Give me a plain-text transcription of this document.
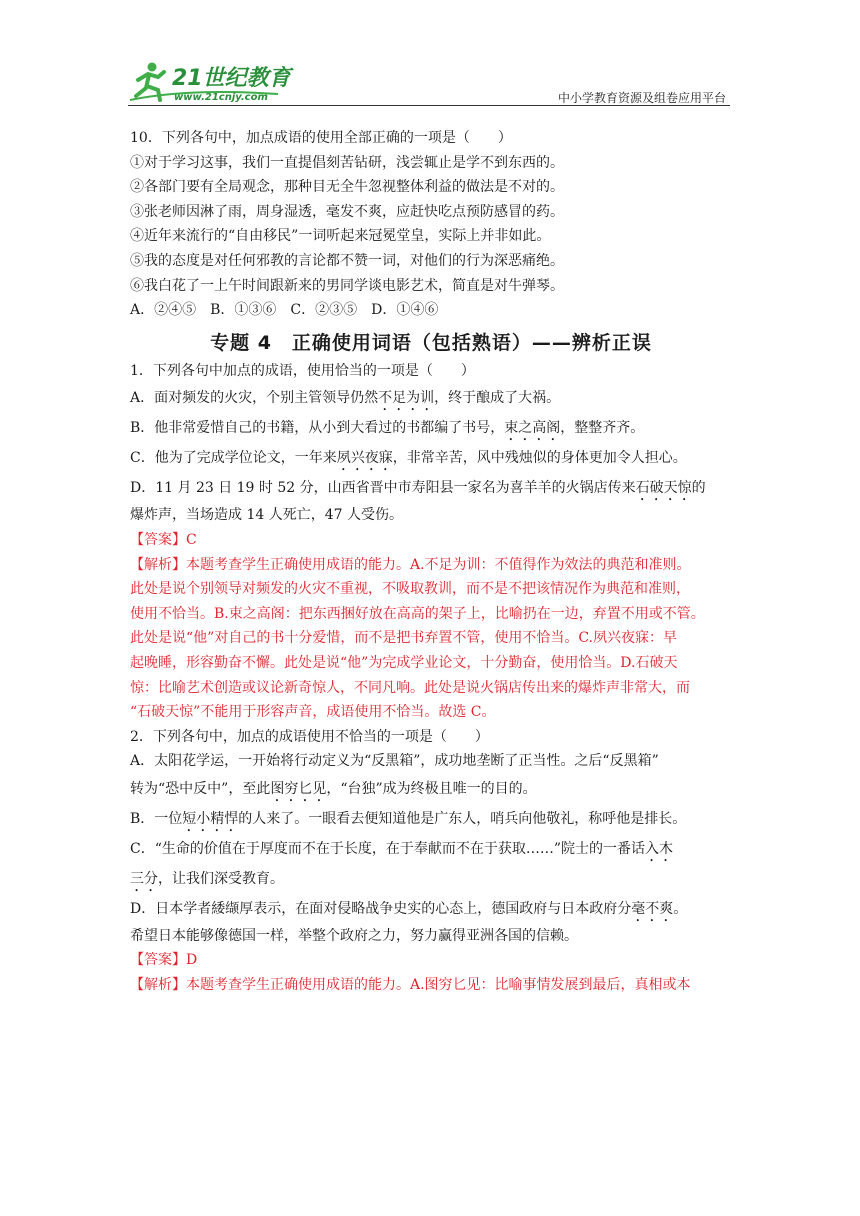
21世纪教育
www.21cnjy.com	中小学教育资源及组卷应用平台
10．下列各句中，加点成语的使用全部正确的一项是（　　）
①对于学习这事，我们一直提倡刻苦钻研，浅尝辄止是学不到东西的。
②各部门要有全局观念，那种目无全牛忽视整体利益的做法是不对的。
③张老师因淋了雨，周身湿透，毫发不爽，应赶快吃点预防感冒的药。
④近年来流行的“自由移民”一词听起来冠冕堂皇，实际上并非如此。
⑤我的态度是对任何邪教的言论都不赞一词，对他们的行为深恶痛绝。
⑥我白花了一上午时间跟新来的男同学谈电影艺术，简直是对牛弹琴。
A．②④⑤　B．①③⑥　C．②③⑤　D．①④⑥
专题 4　正确使用词语（包括熟语）——辨析正误
1．下列各句中加点的成语，使用恰当的一项是（　　）
A．面对频发的火灾，个别主管领导仍然不足为训，终于酿成了大祸。
B．他非常爱惜自己的书籍，从小到大看过的书都编了书号，束之高阁，整整齐齐。
C．他为了完成学位论文，一年来夙兴夜寐，非常辛苦，风中残烛似的身体更加令人担心。
D．11 月 23 日 19 时 52 分，山西省晋中市寿阳县一家名为喜羊羊的火锅店传来石破天惊的
爆炸声，当场造成 14 人死亡，47 人受伤。
【答案】C
【解析】本题考查学生正确使用成语的能力。A.不足为训：不值得作为效法的典范和准则。
此处是说个别领导对频发的火灾不重视，不吸取教训，而不是不把该情况作为典范和准则，
使用不恰当。B.束之高阁：把东西捆好放在高高的架子上，比喻扔在一边，弃置不用或不管。
此处是说“他”对自己的书十分爱惜，而不是把书弃置不管，使用不恰当。C.夙兴夜寐：早
起晚睡，形容勤奋不懈。此处是说“他”为完成学业论文，十分勤奋，使用恰当。D.石破天
惊：比喻艺术创造或议论新奇惊人，不同凡响。此处是说火锅店传出来的爆炸声非常大，而
“石破天惊”不能用于形容声音，成语使用不恰当。故选 C。
2．下列各句中，加点的成语使用不恰当的一项是（　　）
A．太阳花学运，一开始将行动定义为“反黑箱”，成功地垄断了正当性。之后“反黑箱”
转为“恐中反中”，至此图穷匕见，“台独”成为终极且唯一的目的。
B．一位短小精悍的人来了。一眼看去便知道他是广东人，哨兵向他敬礼，称呼他是排长。
C．“生命的价值在于厚度而不在于长度，在于奉献而不在于获取……”院士的一番话入木
三分，让我们深受教育。
D．日本学者緌缬厚表示，在面对侵略战争史实的心态上，德国政府与日本政府分毫不爽。
希望日本能够像德国一样，举整个政府之力，努力赢得亚洲各国的信赖。
【答案】D
【解析】本题考查学生正确使用成语的能力。A.图穷匕见：比喻事情发展到最后，真相或本
